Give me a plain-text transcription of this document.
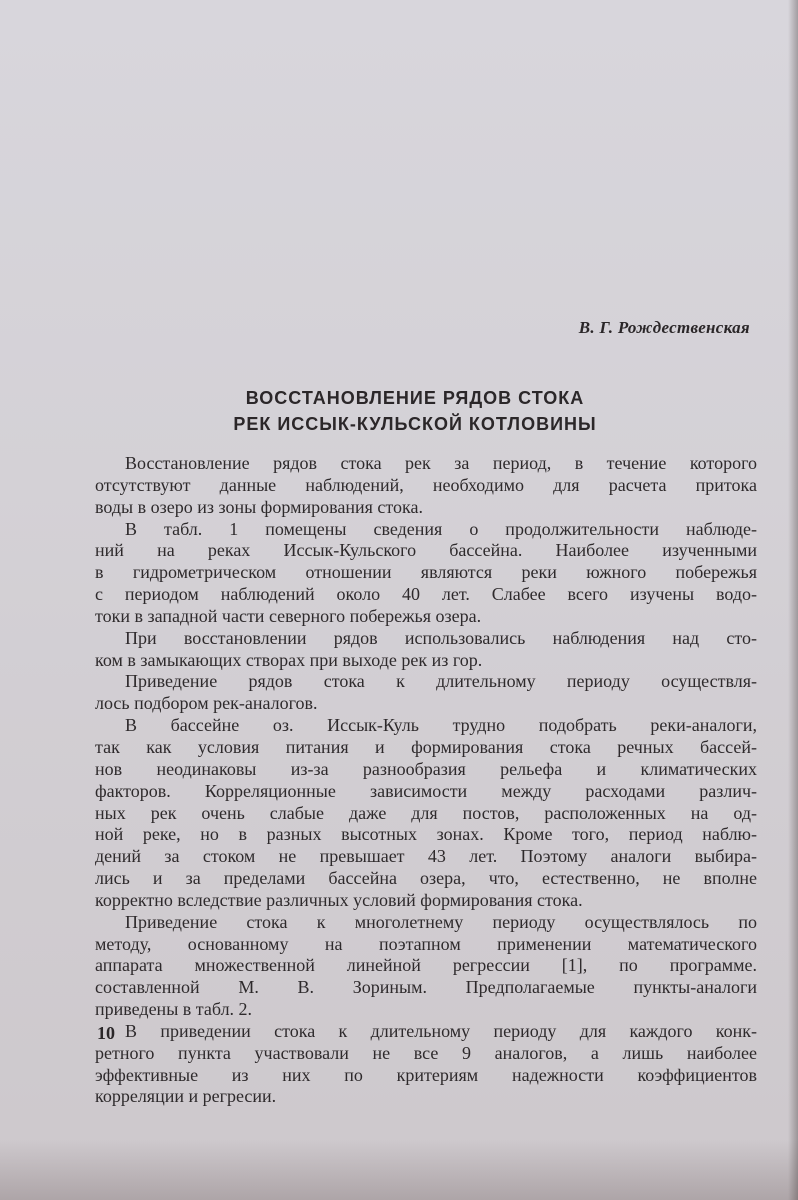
В. Г. Рождественская
ВОССТАНОВЛЕНИЕ РЯДОВ СТОКА
РЕК ИССЫК-КУЛЬСКОЙ КОТЛОВИНЫ
Восстановление рядов стока рек за период, в течение которого
отсутствуют данные наблюдений, необходимо для расчета притока
воды в озеро из зоны формирования стока.
В табл. 1 помещены сведения о продолжительности наблюде-
ний на реках Иссык-Кульского бассейна. Наиболее изученными
в гидрометрическом отношении являются реки южного побережья
с периодом наблюдений около 40 лет. Слабее всего изучены водо-
токи в западной части северного побережья озера.
При восстановлении рядов использовались наблюдения над сто-
ком в замыкающих створах при выходе рек из гор.
Приведение рядов стока к длительному периоду осуществля-
лось подбором рек-аналогов.
В бассейне оз. Иссык-Куль трудно подобрать реки-аналоги,
так как условия питания и формирования стока речных бассей-
нов неодинаковы из-за разнообразия рельефа и климатических
факторов. Корреляционные зависимости между расходами различ-
ных рек очень слабые даже для постов, расположенных на од-
ной реке, но в разных высотных зонах. Кроме того, период наблю-
дений за стоком не превышает 43 лет. Поэтому аналоги выбира-
лись и за пределами бассейна озера, что, естественно, не вполне
корректно вследствие различных условий формирования стока.
Приведение стока к многолетнему периоду осуществлялось по
методу, основанному на поэтапном применении математического
аппарата множественной линейной регрессии [1], по программе.
составленной М. В. Зориным. Предполагаемые пункты-аналоги
приведены в табл. 2.
В приведении стока к длительному периоду для каждого конк-
ретного пункта участвовали не все 9 аналогов, а лишь наиболее
эффективные из них по критериям надежности коэффициентов
корреляции и регресии.
10
